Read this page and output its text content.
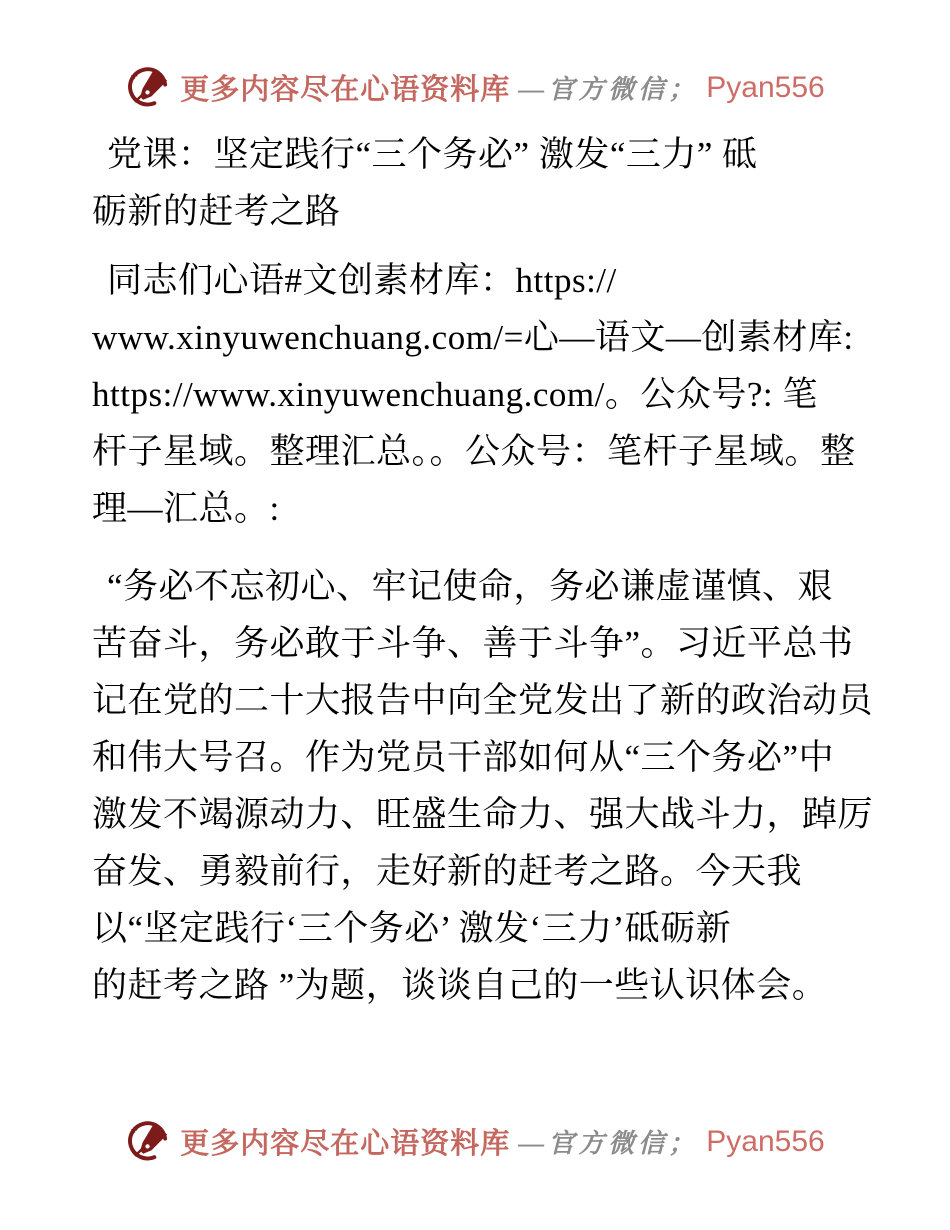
更多内容尽在心语资料库 —官方微信； Pyan556
党课：坚定践行“三个务必” 激发“三力” 砥
砺新的赶考之路
同志们心语#文创素材库：https://
www.xinyuwenchuang.com/=心—语文—创素材库:
https://www.xinyuwenchuang.com/。公众号?: 笔
杆子星域。整理汇总。。公众号：笔杆子星域。整
理—汇总。:
“务必不忘初心、牢记使命，务必谦虚谨慎、艰
苦奋斗，务必敢于斗争、善于斗争”。习近平总书
记在党的二十大报告中向全党发出了新的政治动员
和伟大号召。作为党员干部如何从“三个务必”中
激发不竭源动力、旺盛生命力、强大战斗力，踔厉
奋发、勇毅前行，走好新的赶考之路。今天我
以“坚定践行‘三个务必’ 激发‘三力’砥砺新
的赶考之路 ”为题，谈谈自己的一些认识体会。
更多内容尽在心语资料库 —官方微信； Pyan556
